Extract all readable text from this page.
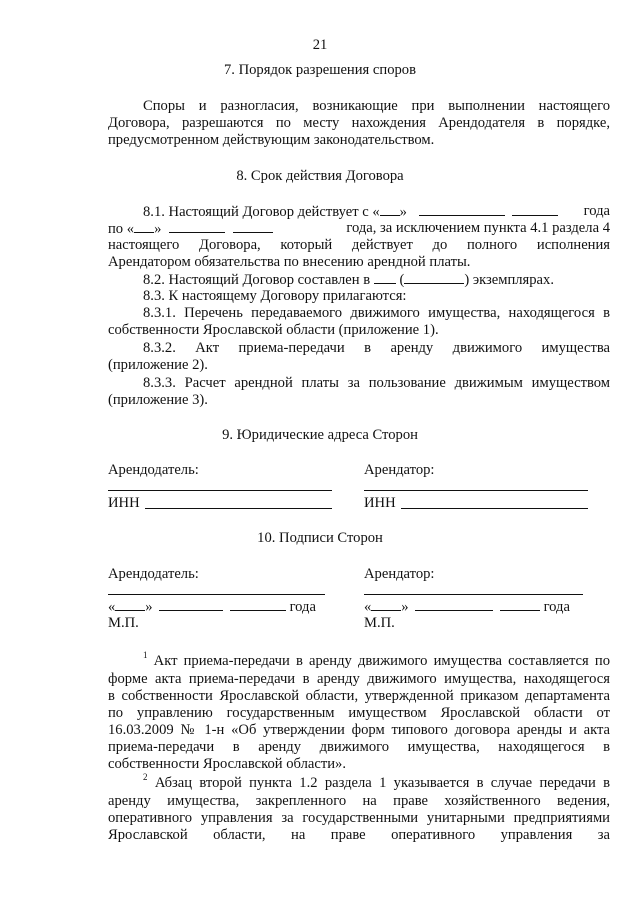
21
7. Порядок разрешения споров
Споры и разногласия, возникающие при выполнении настоящего
Договора, разрешаются по месту нахождения Арендодателя в порядке,
предусмотренном действующим законодательством.
8. Срок действия Договора
8.1. Настоящий Договор действует с « »	года
по « »	года, за исключением пункта 4.1 раздела 4
настоящего Договора, который действует до полного исполнения
Арендатором обязательства по внесению арендной платы.
8.2. Настоящий Договор составлен в (	) экземплярах.
8.3. К настоящему Договору прилагаются:
8.3.1. Перечень передаваемого движимого имущества, находящегося в
собственности Ярославской области (приложение 1).
8.3.2. Акт приема-передачи в аренду движимого имущества
(приложение 2).
8.3.3. Расчет арендной платы за пользование движимым имуществом
(приложение 3).
9. Юридические адреса Сторон
Арендодатель:	Арендатор:
ИНН	ИНН
10. Подписи Сторон
Арендодатель:	Арендатор:
« »	года	« »	года
М.П.	М.П.
$^1$ Акт приема-передачи в аренду движимого имущества составляется по
форме акта приема-передачи в аренду движимого имущества, находящегося
в собственности Ярославской области, утвержденной приказом департамента
по управлению государственным имуществом Ярославской области от
16.03.2009 № 1-н «Об утверждении форм типового договора аренды и акта
приема-передачи в аренду движимого имущества, находящегося в
собственности Ярославской области».
$^2$ Абзац второй пункта 1.2 раздела 1 указывается в случае передачи в
аренду имущества, закрепленного на праве хозяйственного ведения,
оперативного управления за государственными унитарными предприятиями
Ярославской области, на праве оперативного управления за
